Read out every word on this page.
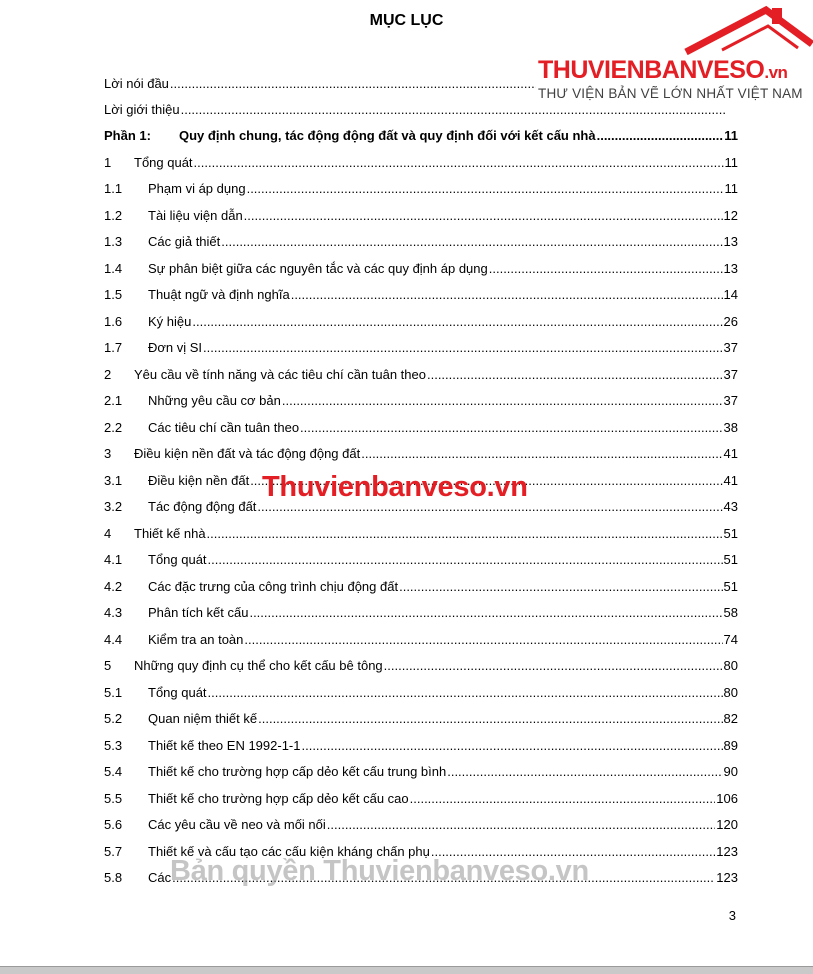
MỤC LỤC
Lời nói đầu
.....
Lời giới thiệu
.....
Phần 1:	Quy định chung, tác động động đất và quy định đối với kết cấu nhà .....	11
1	Tổng quát .....	11
1.1	Phạm vi áp dụng .....	11
1.2	Tài liệu viện dẫn .....	12
1.3	Các giả thiết .....	13
1.4	Sự phân biệt giữa các nguyên tắc và các quy định áp dụng .....	13
1.5	Thuật ngữ và định nghĩa .....	14
1.6	Ký hiệu .....	26
1.7	Đơn vị SI .....	37
2	Yêu cầu về tính năng và các tiêu chí cần tuân theo .....	37
2.1	Những yêu cầu cơ bản .....	37
2.2	Các tiêu chí cần tuân theo .....	38
3	Điều kiện nền đất và tác động động đất .....	41
3.1	Điều kiện nền đất .....	41
3.2	Tác động động đất .....	43
4	Thiết kế nhà .....	51
4.1	Tổng quát .....	51
4.2	Các đặc trưng của công trình chịu động đất .....	51
4.3	Phân tích kết cấu .....	58
4.4	Kiểm tra an toàn .....	74
5	Những quy định cụ thể cho kết cấu bê tông .....	80
5.1	Tổng quát .....	80
5.2	Quan niệm thiết kế .....	82
5.3	Thiết kế theo EN 1992-1-1 .....	89
5.4	Thiết kế cho trường hợp cấp dẻo kết cấu trung bình .....	90
5.5	Thiết kế cho trường hợp cấp dẻo kết cấu cao .....	106
5.6	Các yêu cầu về neo và mối nối .....	120
5.7	Thiết kế và cấu tạo các cấu kiện kháng chấn phụ .....	123
5.8	Các .....	123
3
THUVIENBANVESO.vn
THƯ VIỆN BẢN VẼ LỚN NHẤT VIỆT NAM
Thuvienbanveso.vn
Bản quyền Thuvienbanveso.vn
